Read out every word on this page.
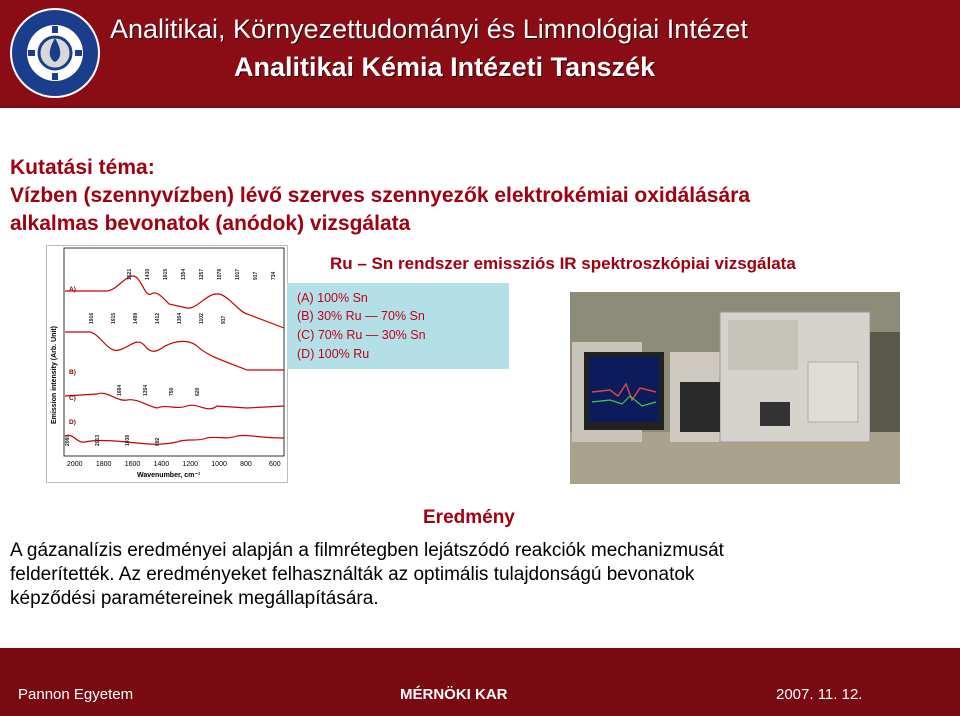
Analitikai, Környezettudományi és Limnológiai Intézet
Analitikai Kémia Intézeti Tanszék
Kutatási téma:
Vízben (szennyvízben) lévő szerves szennyezők elektrokémiai oxidálására
alkalmas bevonatok (anódok) vizsgálata
Emission intensity (Arb. Unit)
Wavenumber, cm⁻¹
A)
B)
C)
D)
1521 1430 1615 1354 1257 1078 1017 917 734
1916	1615	1489	1412	1354	1102	917
1684	1354	750	620
2080	2013	1038	892
2000 1800 1600 1400 1200 1000 800 600
Ru – Sn rendszer emissziós IR spektroszkópiai vizsgálata
(A) 100% Sn
(B) 30% Ru — 70% Sn
(C) 70% Ru — 30% Sn
(D) 100% Ru
Eredmény
A gázanalízis eredményei alapján a filmrétegben lejátszódó reakciók mechanizmusát
felderítették. Az eredményeket felhasználták az optimális tulajdonságú bevonatok
képződési paramétereinek megállapítására.
Pannon Egyetem	MÉRNÖKI KAR	2007. 11. 12.
